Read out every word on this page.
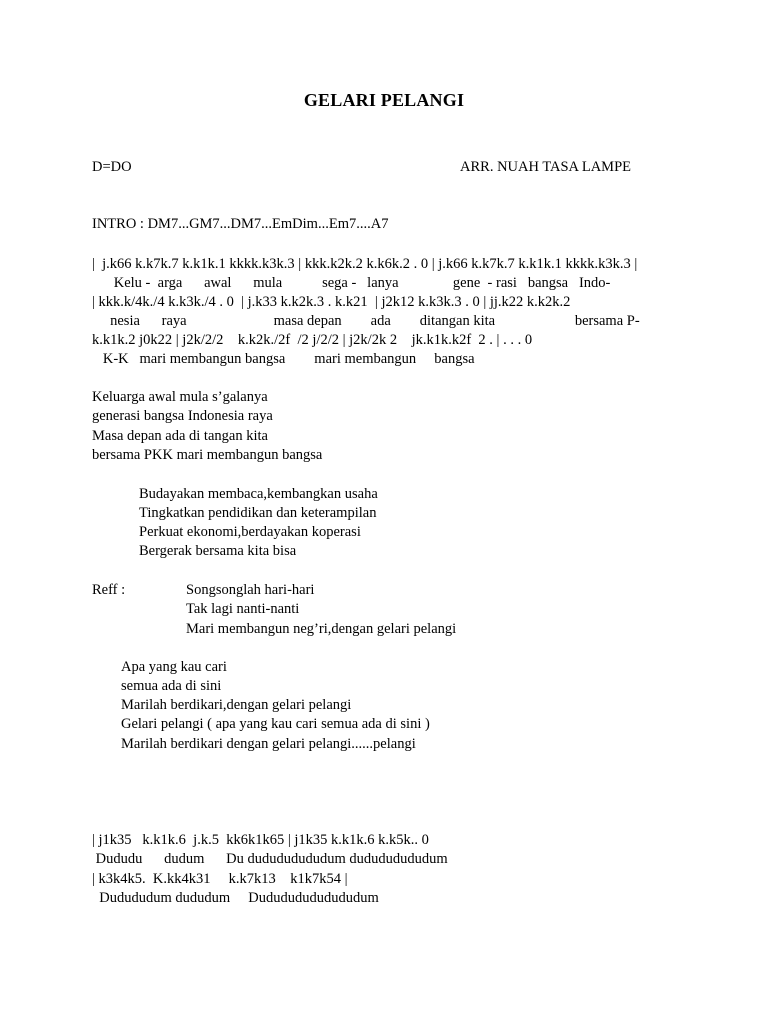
GELARI PELANGI
D=DO	ARR. NUAH TASA LAMPE
INTRO : DM7...GM7...DM7...EmDim...Em7....A7
|  j.k66 k.k7k.7 k.k1k.1 kkkk.k3k.3 | kkk.k2k.2 k.k6k.2 . 0 | j.k66 k.k7k.7 k.k1k.1 kkkk.k3k.3 |
Kelu -  arga      awal      mula           sega -   lanya               gene  - rasi   bangsa   Indo-
| kkk.k/4k./4 k.k3k./4 . 0  | j.k33 k.k2k.3 . k.k21  | j2k12 k.k3k.3 . 0 | jj.k22 k.k2k.2
nesia      raya                        masa depan        ada        ditangan kita                      bersama P-
k.k1k.2 j0k22 | j2k/2/2    k.k2k./2f  /2 j/2/2 | j2k/2k 2    jk.k1k.k2f  2 . | . . . 0
K-K   mari membangun bangsa        mari membangun     bangsa
Keluarga awal mula s’galanya
generasi bangsa Indonesia raya
Masa depan ada di tangan kita
bersama PKK mari membangun bangsa
Budayakan membaca,kembangkan usaha
Tingkatkan pendidikan dan keterampilan
Perkuat ekonomi,berdayakan koperasi
Bergerak bersama kita bisa
Reff :	Songsonglah hari-hari
Tak lagi nanti-nanti
Mari membangun neg’ri,dengan gelari pelangi
Apa yang kau cari
semua ada di sini
Marilah berdikari,dengan gelari pelangi
Gelari pelangi ( apa yang kau cari semua ada di sini )
Marilah berdikari dengan gelari pelangi......pelangi
| j1k35   k.k1k.6  j.k.5  kk6k1k65 | j1k35 k.k1k.6 k.k5k.. 0
Dududu      dudum      Du dudududududum dudududududum
| k3k4k5.  K.kk4k31     k.k7k13    k1k7k54 |
Dudududum dududum     Dudududududududum
